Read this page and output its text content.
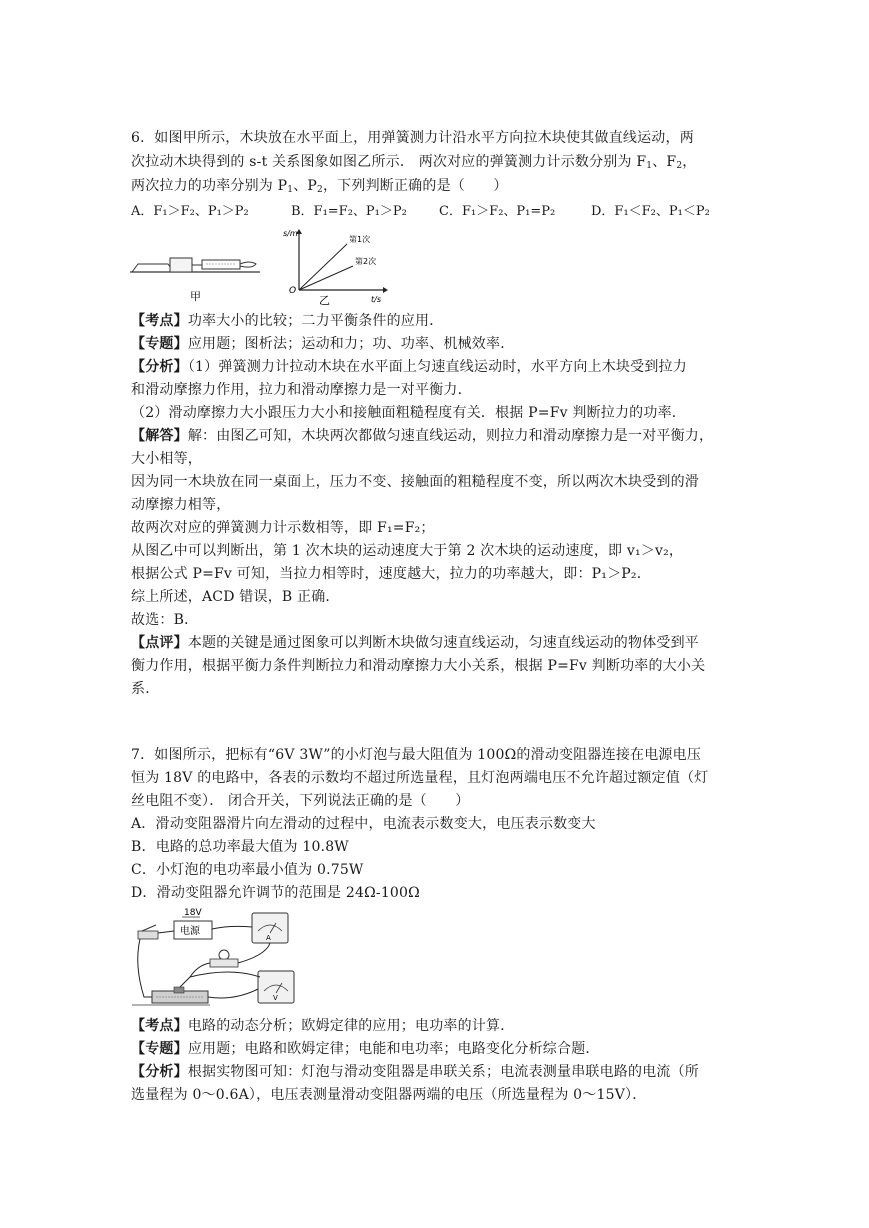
6．如图甲所示，木块放在水平面上，用弹簧测力计沿水平方向拉木块使其做直线运动，两
次拉动木块得到的 s-t 关系图象如图乙所示． 两次对应的弹簧测力计示数分别为 $F_1$、$F_2$，
两次拉力的功率分别为 $P_1$、$P_2$，下列判断正确的是（　　）
A．F₁＞F₂、P₁＞P₂	B．F₁=F₂、P₁＞P₂ C．F₁＞F₂、P₁=P₂	D．F₁＜F₂、P₁＜P₂
甲
s/m
t/s
O
第1次
第2次
乙
【考点】功率大小的比较；二力平衡条件的应用．
【专题】应用题；图析法；运动和力；功、功率、机械效率．
【分析】（1）弹簧测力计拉动木块在水平面上匀速直线运动时，水平方向上木块受到拉力
和滑动摩擦力作用，拉力和滑动摩擦力是一对平衡力．
（2）滑动摩擦力大小跟压力大小和接触面粗糙程度有关．根据 P=Fv 判断拉力的功率．
【解答】解：由图乙可知，木块两次都做匀速直线运动，则拉力和滑动摩擦力是一对平衡力，
大小相等，
因为同一木块放在同一桌面上，压力不变、接触面的粗糙程度不变，所以两次木块受到的滑
动摩擦力相等，
故两次对应的弹簧测力计示数相等，即 F₁=F₂；
从图乙中可以判断出，第 1 次木块的运动速度大于第 2 次木块的运动速度，即 v₁＞v₂，
根据公式 P=Fv 可知，当拉力相等时，速度越大，拉力的功率越大，即：P₁＞P₂．
综上所述，ACD 错误，B 正确．
故选：B．
【点评】本题的关键是通过图象可以判断木块做匀速直线运动，匀速直线运动的物体受到平
衡力作用，根据平衡力条件判断拉力和滑动摩擦力大小关系，根据 P=Fv 判断功率的大小关
系．
7．如图所示，把标有“6V 3W”的小灯泡与最大阻值为 100Ω的滑动变阻器连接在电源电压
恒为 18V 的电路中，各表的示数均不超过所选量程，且灯泡两端电压不允许超过额定值（灯
丝电阻不变）． 闭合开关，下列说法正确的是（　　）
A．滑动变阻器滑片向左滑动的过程中，电流表示数变大，电压表示数变大
B．电路的总功率最大值为 10.8W
C．小灯泡的电功率最小值为 0.75W
D．滑动变阻器允许调节的范围是 24Ω-100Ω
电源
18V
A
V
【考点】电路的动态分析；欧姆定律的应用；电功率的计算．
【专题】应用题；电路和欧姆定律；电能和电功率；电路变化分析综合题．
【分析】根据实物图可知：灯泡与滑动变阻器是串联关系；电流表测量串联电路的电流（所
选量程为 0～0.6A），电压表测量滑动变阻器两端的电压（所选量程为 0～15V）．
